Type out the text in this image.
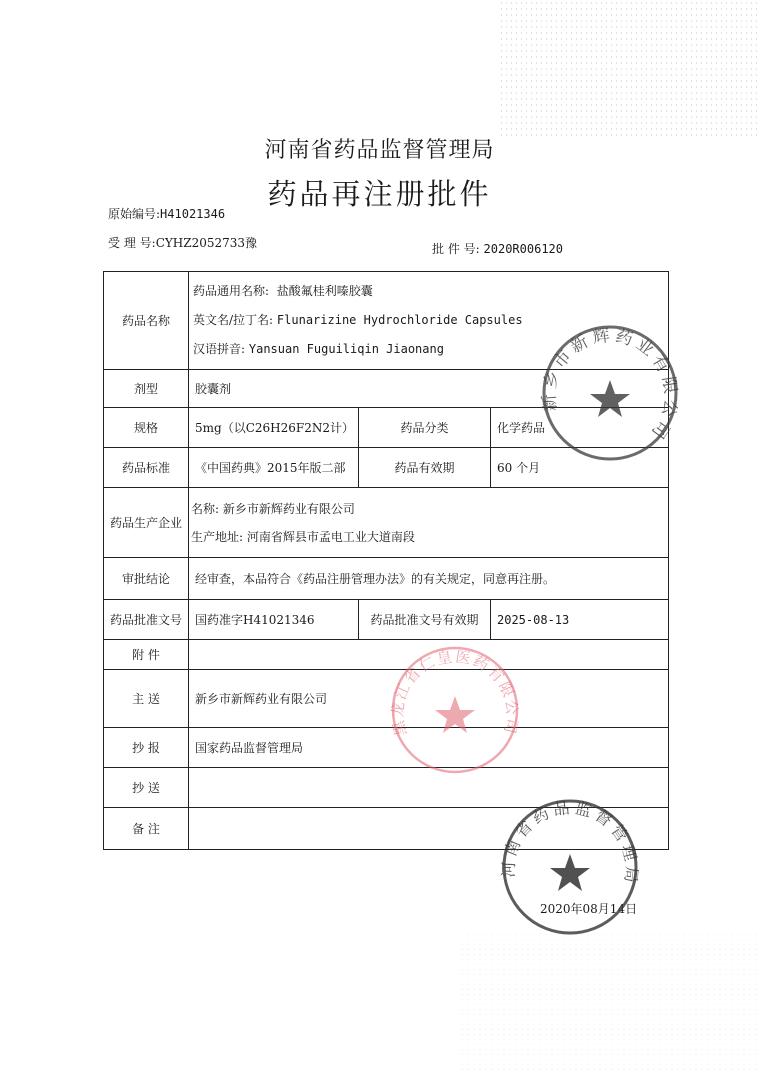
河南省药品监督管理局
药品再注册批件
原始编号:H41021346
受 理 号:CYHZ2052733豫	批 件 号: 2020R006120
药品名称	药品通用名称: 盐酸氟桂利嗪胶囊
英文名/拉丁名: Flunarizine Hydrochloride Capsules
汉语拼音: Yansuan Fuguiliqin Jiaonang		

剂型	胶囊剂		
规格	5mg（以C26H26F2N2计）	药品分类	化学药品
药品标准	《中国药典》2015年版二部	药品有效期	60 个月
药品生产企业	名称: 新乡市新辉药业有限公司
生产地址: 河南省辉县市孟电工业大道南段		

审批结论	经审查，本品符合《药品注册管理办法》的有关规定，同意再注册。		
药品批准文号	国药准字H41021346	药品批准文号有效期	2025-08-13
附 件			
主 送	新乡市新辉药业有限公司		
抄 报	国家药品监督管理局		
抄 送			
备 注			
2020年08月14日
新乡市新辉药业有限公司
黑龙江省仁皇医药有限公司
河南省药品监督管理局
